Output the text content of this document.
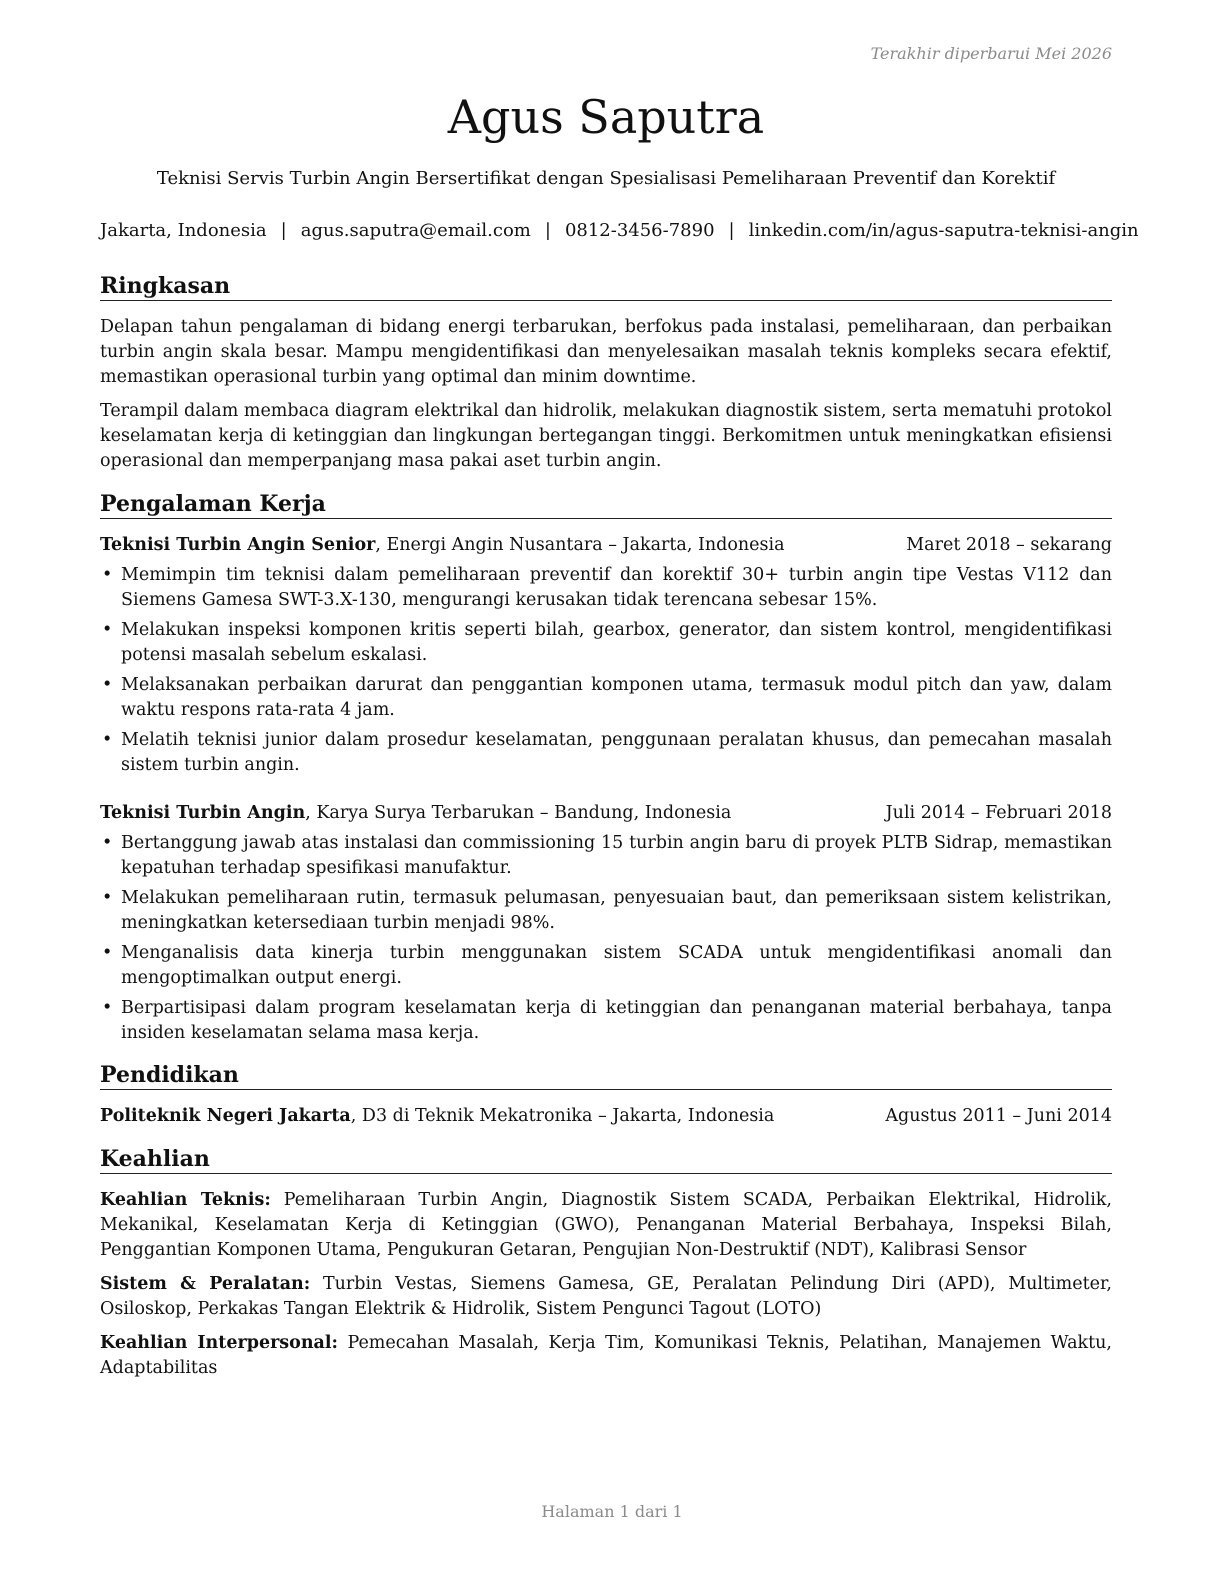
Terakhir diperbarui Mei 2026
Agus Saputra
Teknisi Servis Turbin Angin Bersertifikat dengan Spesialisasi Pemeliharaan Preventif dan Korektif
Jakarta, Indonesia | agus.saputra@email.com | 0812-3456-7890 | linkedin.com/in/agus-saputra-teknisi-angin
Ringkasan
Delapan tahun pengalaman di bidang energi terbarukan, berfokus pada instalasi, pemeliharaan, dan perbaikan turbin angin skala besar. Mampu mengidentifikasi dan menyelesaikan masalah teknis kompleks secara efektif, memastikan operasional turbin yang optimal dan minim downtime.
Terampil dalam membaca diagram elektrikal dan hidrolik, melakukan diagnostik sistem, serta mematuhi protokol keselamatan kerja di ketinggian dan lingkungan bertegangan tinggi. Berkomitmen untuk meningkatkan efisiensi operasional dan memperpanjang masa pakai aset turbin angin.
Pengalaman Kerja
Teknisi Turbin Angin Senior, Energi Angin Nusantara – Jakarta, Indonesia	Maret 2018 – sekarang
• Memimpin tim teknisi dalam pemeliharaan preventif dan korektif 30+ turbin angin tipe Vestas V112 dan Siemens Gamesa SWT-3.X-130, mengurangi kerusakan tidak terencana sebesar 15%.
• Melakukan inspeksi komponen kritis seperti bilah, gearbox, generator, dan sistem kontrol, mengidentifikasi potensi masalah sebelum eskalasi.
• Melaksanakan perbaikan darurat dan penggantian komponen utama, termasuk modul pitch dan yaw, dalam waktu respons rata-rata 4 jam.
• Melatih teknisi junior dalam prosedur keselamatan, penggunaan peralatan khusus, dan pemecahan masalah sistem turbin angin.
Teknisi Turbin Angin, Karya Surya Terbarukan – Bandung, Indonesia	Juli 2014 – Februari 2018
• Bertanggung jawab atas instalasi dan commissioning 15 turbin angin baru di proyek PLTB Sidrap, memastikan kepatuhan terhadap spesifikasi manufaktur.
• Melakukan pemeliharaan rutin, termasuk pelumasan, penyesuaian baut, dan pemeriksaan sistem kelistrikan, meningkatkan ketersediaan turbin menjadi 98%.
• Menganalisis data kinerja turbin menggunakan sistem SCADA untuk mengidentifikasi anomali dan mengoptimalkan output energi.
• Berpartisipasi dalam program keselamatan kerja di ketinggian dan penanganan material berbahaya, tanpa insiden keselamatan selama masa kerja.
Pendidikan
Politeknik Negeri Jakarta, D3 di Teknik Mekatronika – Jakarta, Indonesia	Agustus 2011 – Juni 2014
Keahlian
Keahlian Teknis: Pemeliharaan Turbin Angin, Diagnostik Sistem SCADA, Perbaikan Elektrikal, Hidrolik, Mekanikal, Keselamatan Kerja di Ketinggian (GWO), Penanganan Material Berbahaya, Inspeksi Bilah, Penggantian Komponen Utama, Pengukuran Getaran, Pengujian Non-Destruktif (NDT), Kalibrasi Sensor
Sistem & Peralatan: Turbin Vestas, Siemens Gamesa, GE, Peralatan Pelindung Diri (APD), Multimeter, Osiloskop, Perkakas Tangan Elektrik & Hidrolik, Sistem Pengunci Tagout (LOTO)
Keahlian Interpersonal: Pemecahan Masalah, Kerja Tim, Komunikasi Teknis, Pelatihan, Manajemen Waktu, Adaptabilitas
Halaman 1 dari 1
